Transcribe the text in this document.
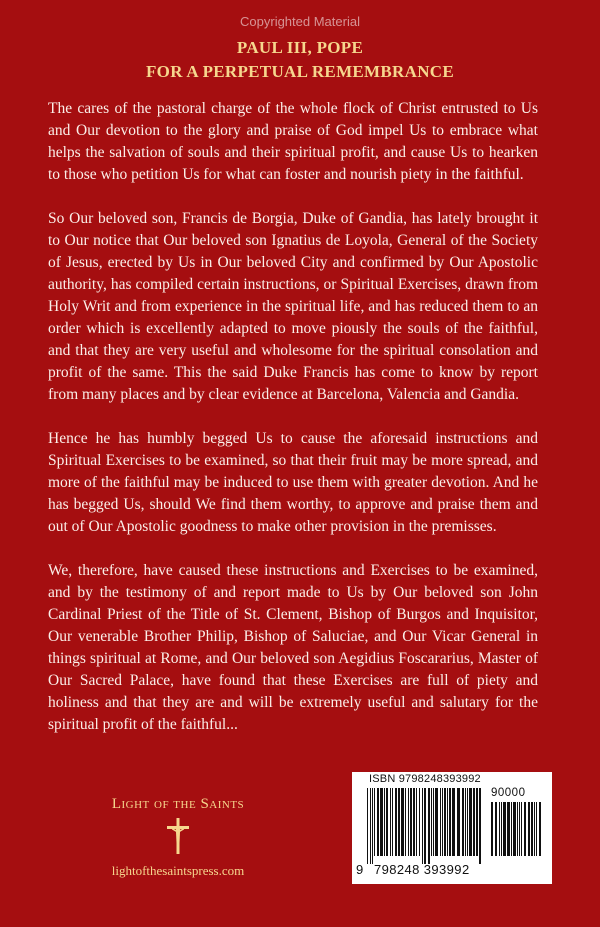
Copyrighted Material
PAUL III, POPE
FOR A PERPETUAL REMEMBRANCE

The cares of the pastoral charge of the whole flock of Christ entrusted to Us and Our devotion to the glory and praise of God impel Us to embrace what helps the salvation of souls and their spiritual profit, and cause Us to hearken to those who petition Us for what can foster and nourish piety in the faithful.

So Our beloved son, Francis de Borgia, Duke of Gandia, has lately brought it to Our notice that Our beloved son Ignatius de Loyola, General of the Society of Jesus, erected by Us in Our beloved City and confirmed by Our Apostolic authority, has compiled certain instructions, or Spiritual Exercises, drawn from Holy Writ and from experience in the spiritual life, and has reduced them to an order which is excellently adapted to move piously the souls of the faithful, and that they are very useful and wholesome for the spiritual consolation and profit of the same. This the said Duke Francis has come to know by report from many places and by clear evidence at Barcelona, Valencia and Gandia.

Hence he has humbly begged Us to cause the aforesaid instructions and Spiritual Exercises to be examined, so that their fruit may be more spread, and more of the faithful may be induced to use them with greater devotion. And he has begged Us, should We find them worthy, to approve and praise them and out of Our Apostolic goodness to make other provision in the premisses.

We, therefore, have caused these instructions and Exercises to be examined, and by the testimony of and report made to Us by Our beloved son John Cardinal Priest of the Title of St. Clement, Bishop of Burgos and Inquisitor, Our venerable Brother Philip, Bishop of Saluciae, and Our Vicar General in things spiritual at Rome, and Our beloved son Aegidius Foscararius, Master of Our Sacred Palace, have found that these Exercises are full of piety and holiness and that they are and will be extremely useful and salutary for the spiritual profit of the faithful...

Light of the Saints
lightofthesaintspress.com
ISBN 9798248393992
90000
9 798248 393992
